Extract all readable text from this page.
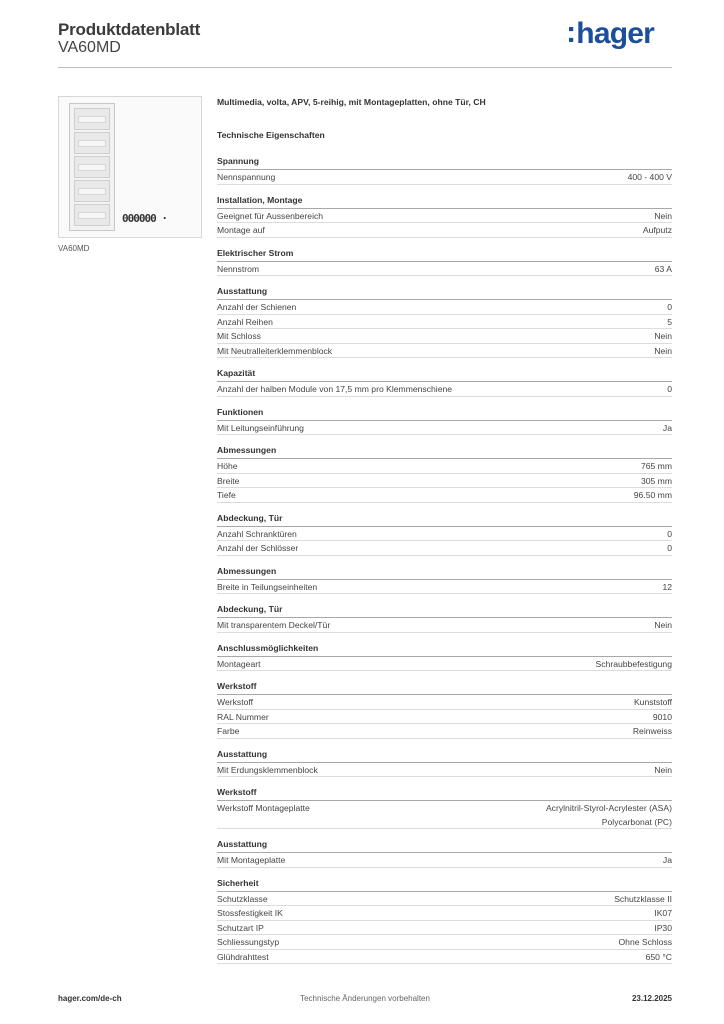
Produktdatenblatt
VA60MD	:hager
000000 ·
VA60MD
Multimedia, volta, APV, 5-reihig, mit Montageplatten, ohne Tür, CH
Technische Eigenschaften
Spannung
Nennspannung	400 - 400 V
Installation, Montage
Geeignet für Aussenbereich	Nein
Montage auf	Aufputz
Elektrischer Strom
Nennstrom	63 A
Ausstattung
Anzahl der Schienen	0
Anzahl Reihen	5
Mit Schloss	Nein
Mit Neutralleiterklemmenblock	Nein
Kapazität
Anzahl der halben Module von 17,5 mm pro Klemmenschiene	0
Funktionen
Mit Leitungseinführung	Ja
Abmessungen
Höhe	765 mm
Breite	305 mm
Tiefe	96.50 mm
Abdeckung, Tür
Anzahl Schranktüren	0
Anzahl der Schlösser	0
Abmessungen
Breite in Teilungseinheiten	12
Abdeckung, Tür
Mit transparentem Deckel/Tür	Nein
Anschlussmöglichkeiten
Montageart	Schraubbefestigung
Werkstoff
Werkstoff	Kunststoff
RAL Nummer	9010
Farbe	Reinweiss
Ausstattung
Mit Erdungsklemmenblock	Nein
Werkstoff
Werkstoff Montageplatte	Acrylnitril-Styrol-Acrylester (ASA)
Polycarbonat (PC)
Ausstattung
Mit Montageplatte	Ja
Sicherheit
Schutzklasse	Schutzklasse II
Stossfestigkeit IK	IK07
Schutzart IP	IP30
Schliessungstyp	Ohne Schloss
Glühdrahttest	650 °C
hager.com/de-ch	Technische Änderungen vorbehalten	23.12.2025
